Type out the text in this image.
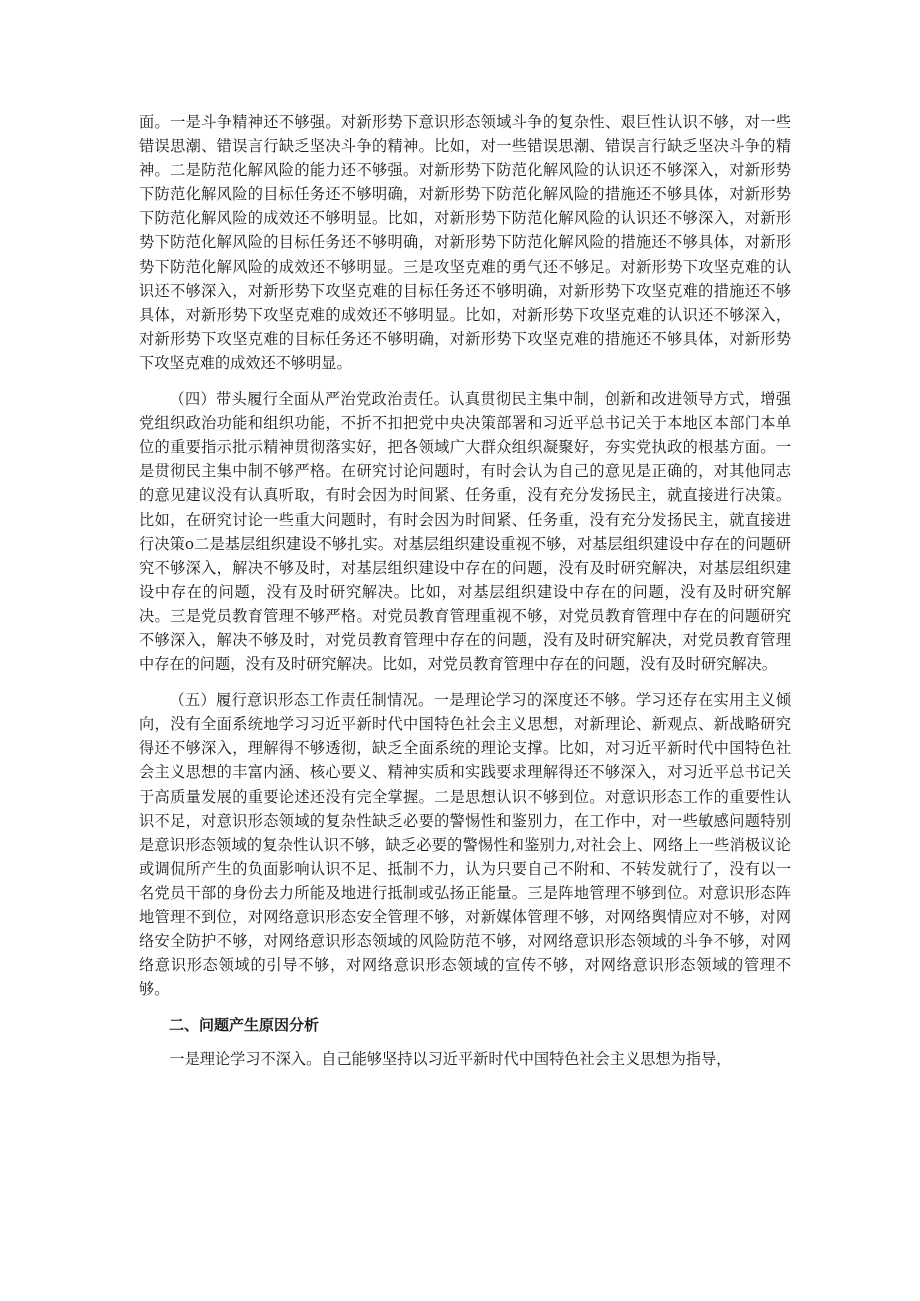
面。一是斗争精神还不够强。对新形势下意识形态领域斗争的复杂性、艰巨性认识不够，对一些错误思潮、错误言行缺乏坚决斗争的精神。比如，对一些错误思潮、错误言行缺乏坚决斗争的精神。二是防范化解风险的能力还不够强。对新形势下防范化解风险的认识还不够深入，对新形势下防范化解风险的目标任务还不够明确，对新形势下防范化解风险的措施还不够具体，对新形势下防范化解风险的成效还不够明显。比如，对新形势下防范化解风险的认识还不够深入，对新形势下防范化解风险的目标任务还不够明确，对新形势下防范化解风险的措施还不够具体，对新形势下防范化解风险的成效还不够明显。三是攻坚克难的勇气还不够足。对新形势下攻坚克难的认识还不够深入，对新形势下攻坚克难的目标任务还不够明确，对新形势下攻坚克难的措施还不够具体，对新形势下攻坚克难的成效还不够明显。比如，对新形势下攻坚克难的认识还不够深入，对新形势下攻坚克难的目标任务还不够明确，对新形势下攻坚克难的措施还不够具体，对新形势下攻坚克难的成效还不够明显。

（四）带头履行全面从严治党政治责任。认真贯彻民主集中制，创新和改进领导方式，增强党组织政治功能和组织功能，不折不扣把党中央决策部署和习近平总书记关于本地区本部门本单位的重要指示批示精神贯彻落实好，把各领域广大群众组织凝聚好，夯实党执政的根基方面。一是贯彻民主集中制不够严格。在研究讨论问题时，有时会认为自己的意见是正确的，对其他同志的意见建议没有认真听取，有时会因为时间紧、任务重，没有充分发扬民主，就直接进行决策。比如，在研究讨论一些重大问题时，有时会因为时间紧、任务重，没有充分发扬民主，就直接进行决策o二是基层组织建设不够扎实。对基层组织建设重视不够，对基层组织建设中存在的问题研究不够深入，解决不够及时，对基层组织建设中存在的问题，没有及时研究解决，对基层组织建设中存在的问题，没有及时研究解决。比如，对基层组织建设中存在的问题，没有及时研究解决。三是党员教育管理不够严格。对党员教育管理重视不够，对党员教育管理中存在的问题研究不够深入，解决不够及时，对党员教育管理中存在的问题，没有及时研究解决，对党员教育管理中存在的问题，没有及时研究解决。比如，对党员教育管理中存在的问题，没有及时研究解决。

（五）履行意识形态工作责任制情况。一是理论学习的深度还不够。学习还存在实用主义倾向，没有全面系统地学习习近平新时代中国特色社会主义思想，对新理论、新观点、新战略研究得还不够深入，理解得不够透彻，缺乏全面系统的理论支撑。比如，对习近平新时代中国特色社会主义思想的丰富内涵、核心要义、精神实质和实践要求理解得还不够深入，对习近平总书记关于高质量发展的重要论述还没有完全掌握。二是思想认识不够到位。对意识形态工作的重要性认识不足，对意识形态领域的复杂性缺乏必要的警惕性和鉴别力，在工作中，对一些敏感问题特别是意识形态领域的复杂性认识不够，缺乏必要的警惕性和鉴别力,对社会上、网络上一些消极议论或调侃所产生的负面影响认识不足、抵制不力，认为只要自己不附和、不转发就行了，没有以一名党员干部的身份去力所能及地进行抵制或弘扬正能量。三是阵地管理不够到位。对意识形态阵地管理不到位，对网络意识形态安全管理不够，对新媒体管理不够，对网络舆情应对不够，对网络安全防护不够，对网络意识形态领域的风险防范不够，对网络意识形态领域的斗争不够，对网络意识形态领域的引导不够，对网络意识形态领域的宣传不够，对网络意识形态领域的管理不够。

二、问题产生原因分析

一是理论学习不深入。自己能够坚持以习近平新时代中国特色社会主义思想为指导，
